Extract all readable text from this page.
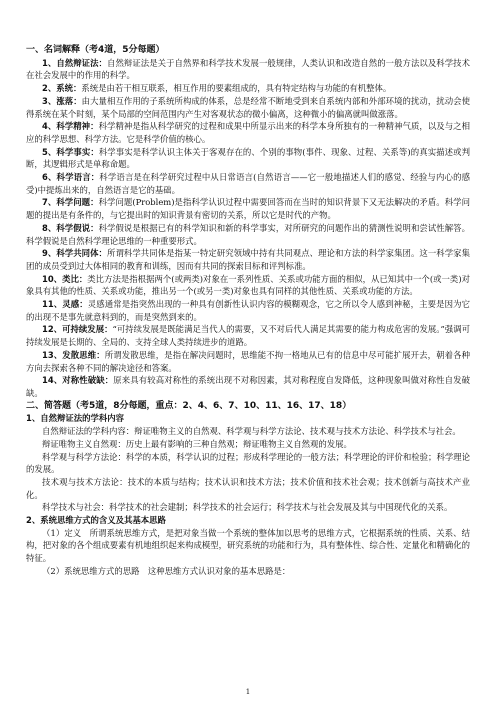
一、名词解释（考4道，5分每题）

1、自然辩证法：自然辩证法是关于自然界和科学技术发展一般规律，人类认识和改造自然的一般方法以及科学技术在社会发展中的作用的科学。

2、系统：系统是由若干相互联系，相互作用的要素组成的，具有特定结构与功能的有机整体。

3、涨落：由大量相互作用的子系统所构成的体系，总是经常不断地受到来自系统内部和外部环境的扰动，扰动会使得系统在某个时刻，某个局部的空间范围内产生对客观状态的微小偏离，这种微小的偏离就叫做涨落。

4、科学精神：科学精神是指从科学研究的过程和成果中所显示出来的科学本身所独有的一种精神气质，以及与之相应的科学思想、科学方法。它是科学价值的核心。

5、科学事实：科学事实是科学认识主体关于客观存在的、个别的事物(事件、现象、过程、关系等)的真实描述或判断，其逻辑形式是单称命题。

6、科学语言：科学语言是在科学研究过程中从日常语言(自然语言——它一般地描述人们的感觉、经验与内心的感受)中提炼出来的，自然语言是它的基础。

7、科学问题：科学问题(Problem)是指科学认识过程中需要回答而在当时的知识背景下又无法解决的矛盾。科学问题的提出是有条件的，与它提出时的知识背景有密切的关系，所以它是时代的产物。

8、科学假说：科学假说是根据已有的科学知识和新的科学事实，对所研究的问题作出的猜测性说明和尝试性解答。科学假说是自然科学理论思维的一种重要形式。

9、科学共同体：所谓科学共同体是指某一特定研究领域中持有共同观点、理论和方法的科学家集团。这一科学家集团的成员受到过大体相同的教育和训练，因而有共同的探索目标和评判标准。

10、类比：类比方法是指根据两个(或两类)对象在一系列性质、关系或功能方面的相似，从已知其中一个(或一类)对象具有其他的性质、关系或功能，推出另一个(或另一类)对象也具有同样的其他性质、关系或功能的方法。

11、灵感：灵感通常是指突然出现的一种具有创新性认识内容的模糊观念，它之所以令人感到神秘，主要是因为它的出现不是事先就意料到的，而是突然到来的。

12、可持续发展：“可持续发展是既能满足当代人的需要，又不对后代人满足其需要的能力构成危害的发展。”强调可持续发展是长期的、全局的、支持全球人类持续进步的道路。

13、发散思维：所谓发散思维，是指在解决问题时，思维能不拘一格地从已有的信息中尽可能扩展开去，朝着各种方向去探索各种不同的解决途径和答案。

14、对称性破缺：原来具有较高对称性的系统出现不对称因素，其对称程度自发降低，这种现象叫做对称性自发破缺。

二、简答题（考5道，8分每题，重点：2、4、6、7、10、11、16、17、18）

1、自然辩证法的学科内容

自然辩证法的学科内容：辩证唯物主义的自然观、科学观与科学方法论、技术观与技术方法论、科学技术与社会。

辩证唯物主义自然观：历史上最有影响的三种自然观；辩证唯物主义自然观的发展。

科学观与科学方法论：科学的本质，科学认识的过程；形成科学理论的一般方法；科学理论的评价和检验；科学理论的发展。

技术观与技术方法论：技术的本质与结构；技术认识和技术方法；技术价值和技术社会观；技术创新与高技术产业化。

科学技术与社会：科学技术的社会建制；科学技术的社会运行；科学技术与社会发展及其与中国现代化的关系。

2、系统思维方式的含义及其基本思路

（1）定义　所谓系统思维方式，是把对象当做一个系统的整体加以思考的思维方式，它根据系统的性质、关系、结构，把对象的各个组成要素有机地组织起来构成模型，研究系统的功能和行为，具有整体性、综合性、定量化和精确化的特征。

（2）系统思维方式的思路　这种思维方式认识对象的基本思路是：

1
